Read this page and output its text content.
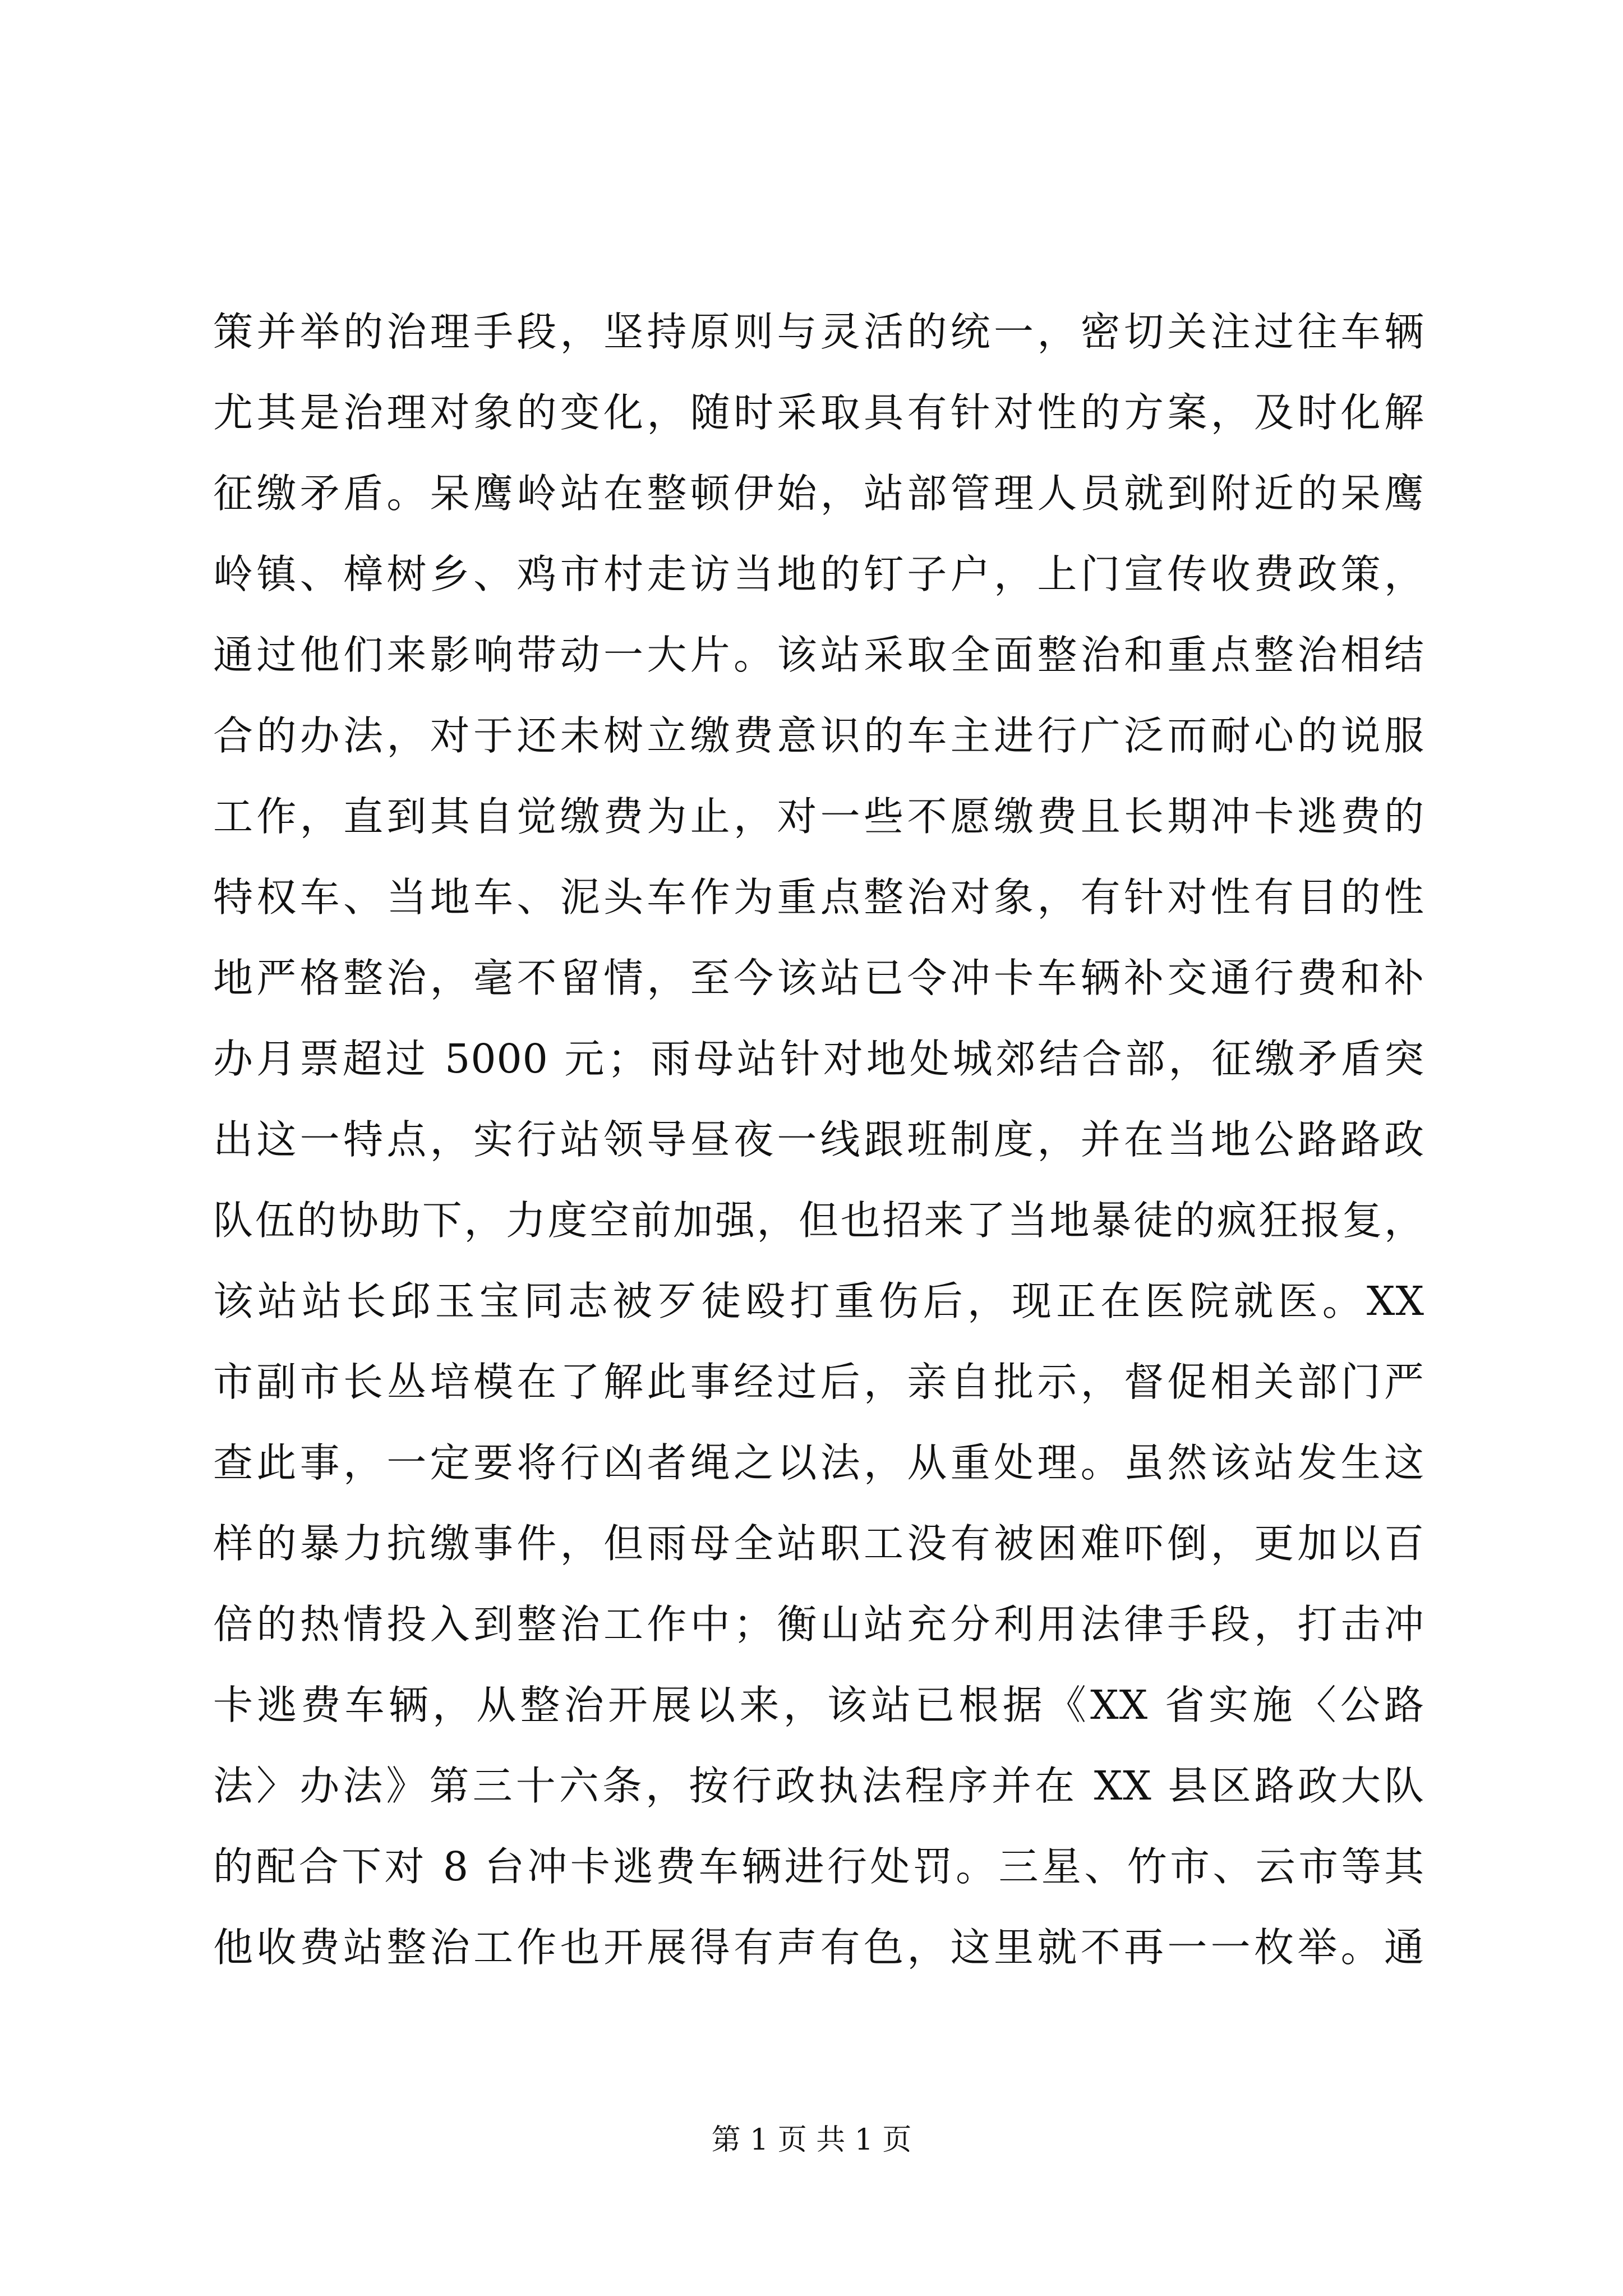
策并举的治理手段，坚持原则与灵活的统一，密切关注过往车辆
尤其是治理对象的变化，随时采取具有针对性的方案，及时化解
征缴矛盾。呆鹰岭站在整顿伊始，站部管理人员就到附近的呆鹰
岭镇、樟树乡、鸡市村走访当地的钉子户，上门宣传收费政策，
通过他们来影响带动一大片。该站采取全面整治和重点整治相结
合的办法，对于还未树立缴费意识的车主进行广泛而耐心的说服
工作，直到其自觉缴费为止，对一些不愿缴费且长期冲卡逃费的
特权车、当地车、泥头车作为重点整治对象，有针对性有目的性
地严格整治，毫不留情，至今该站已令冲卡车辆补交通行费和补
办月票超过 5000 元；雨母站针对地处城郊结合部，征缴矛盾突
出这一特点，实行站领导昼夜一线跟班制度，并在当地公路路政
队伍的协助下，力度空前加强，但也招来了当地暴徒的疯狂报复，
该站站长邱玉宝同志被歹徒殴打重伤后，现正在医院就医。XX
市副市长丛培模在了解此事经过后，亲自批示，督促相关部门严
查此事，一定要将行凶者绳之以法，从重处理。虽然该站发生这
样的暴力抗缴事件，但雨母全站职工没有被困难吓倒，更加以百
倍的热情投入到整治工作中；衡山站充分利用法律手段，打击冲
卡逃费车辆，从整治开展以来，该站已根据《XX 省实施〈公路
法〉办法》第三十六条，按行政执法程序并在 XX 县区路政大队
的配合下对 8 台冲卡逃费车辆进行处罚。三星、竹市、云市等其
他收费站整治工作也开展得有声有色，这里就不再一一枚举。通
第 1 页 共 1 页
